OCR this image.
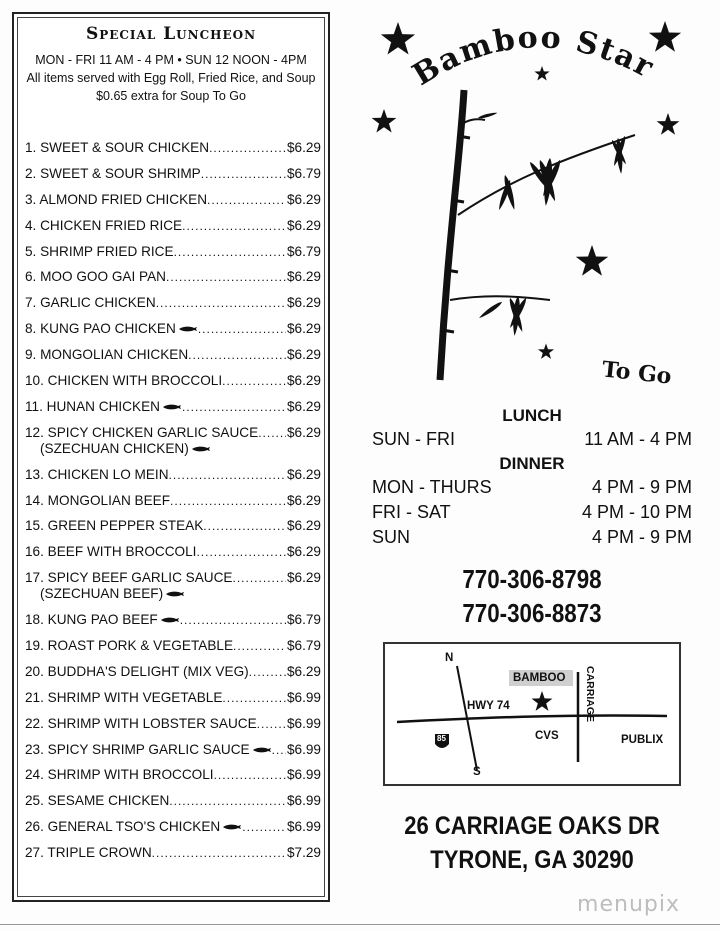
Special Luncheon
MON - FRI 11 AM - 4 PM • SUN 12 NOON - 4PM
All items served with Egg Roll, Fried Rice, and Soup
$0.65 extra for Soup To Go
1. SWEET & SOUR CHICKEN .....	$6.29
2. SWEET & SOUR SHRIMP .....	$6.79
3. ALMOND FRIED CHICKEN .....	$6.29
4. CHICKEN FRIED RICE .....	$6.29
5. SHRIMP FRIED RICE .....	$6.79
6. MOO GOO GAI PAN .....	$6.29
7. GARLIC CHICKEN .....	$6.29
8. KUNG PAO CHICKEN .....	$6.29
9. MONGOLIAN CHICKEN .....	$6.29
10. CHICKEN WITH BROCCOLI .....	$6.29
11. HUNAN CHICKEN .....	$6.29
12. SPICY CHICKEN GARLIC SAUCE ..... $6.29
(SZECHUAN CHICKEN)
13. CHICKEN LO MEIN .....	$6.29
14. MONGOLIAN BEEF .....	$6.29
15. GREEN PEPPER STEAK .....	$6.29
16. BEEF WITH BROCCOLI .....	$6.29
17. SPICY BEEF GARLIC SAUCE .....	$6.29
(SZECHUAN BEEF)
18. KUNG PAO BEEF .....	$6.79
19. ROAST PORK & VEGETABLE .....	$6.79
20. BUDDHA'S DELIGHT (MIX VEG) .....	$6.29
21. SHRIMP WITH VEGETABLE .....	$6.99
22. SHRIMP WITH LOBSTER SAUCE ..... $6.99
23. SPICY SHRIMP GARLIC SAUCE .....	$6.99
24. SHRIMP WITH BROCCOLI .....	$6.99
25. SESAME CHICKEN .....	$6.99
26. GENERAL TSO'S CHICKEN .....	$6.99
27. TRIPLE CROWN .....	$7.29
Bamboo Star
To Go
LUNCH
SUN - FRI	11 AM - 4 PM
DINNER
MON - THURS	4 PM - 9 PM
FRI - SAT	4 PM - 10 PM
SUN	4 PM - 9 PM
770-306-8798
770-306-8873
N
S
BAMBOO
HWY 74	CARRIAGE
CVS	PUBLIX
85
26 CARRIAGE OAKS DR
TYRONE, GA 30290
menupix
